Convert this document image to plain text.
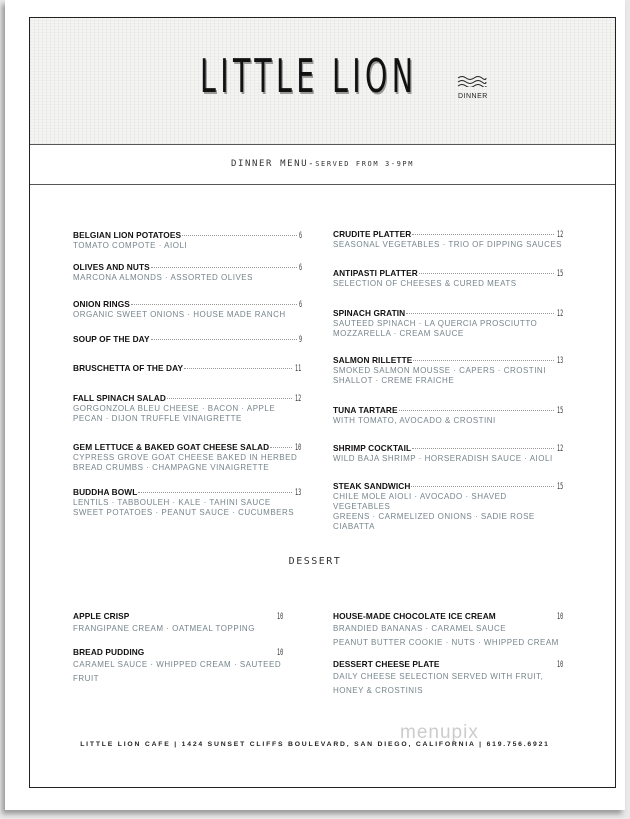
LITTLE LION	DINNER
DINNER MENU-SERVED FROM 3-9PM
BELGIAN LION POTATOES	6
TOMATO COMPOTE · AIOLI
OLIVES AND NUTS	6
MARCONA ALMONDS · ASSORTED OLIVES
ONION RINGS	6
ORGANIC SWEET ONIONS · HOUSE MADE RANCH
SOUP OF THE DAY	9
BRUSCHETTA OF THE DAY	11
FALL SPINACH SALAD	12
GORGONZOLA BLEU CHEESE · BACON · APPLE
PECAN · DIJON TRUFFLE VINAIGRETTE
GEM LETTUCE & BAKED GOAT CHEESE SALAD	10
CYPRESS GROVE GOAT CHEESE BAKED IN HERBED
BREAD CRUMBS · CHAMPAGNE VINAIGRETTE
BUDDHA BOWL	13
LENTILS · TABBOULEH · KALE · TAHINI SAUCE
SWEET POTATOES · PEANUT SAUCE · CUCUMBERS
CRUDITE PLATTER	12
SEASONAL VEGETABLES · TRIO OF DIPPING SAUCES
ANTIPASTI PLATTER	15
SELECTION OF CHEESES & CURED MEATS
SPINACH GRATIN	12
SAUTEED SPINACH · LA QUERCIA PROSCIUTTO
MOZZARELLA · CREAM SAUCE
SALMON RILLETTE	13
SMOKED SALMON MOUSSE · CAPERS · CROSTINI
SHALLOT · CREME FRAICHE
TUNA TARTARE	15
WITH TOMATO, AVOCADO & CROSTINI
SHRIMP COCKTAIL	12
WILD BAJA SHRIMP · HORSERADISH SAUCE · AIOLI
STEAK SANDWICH	15
CHILE MOLE AIOLI · AVOCADO · SHAVED VEGETABLES
GREENS · CARMELIZED ONIONS · SADIE ROSE CIABATTA
APPLE CRISP	10
FRANGIPANE CREAM · OATMEAL TOPPING
BREAD PUDDING	10
CARAMEL SAUCE · WHIPPED CREAM · SAUTEED
FRUIT
HOUSE-MADE CHOCOLATE ICE CREAM	10
BRANDIED BANANAS · CARAMEL SAUCE
PEANUT BUTTER COOKIE · NUTS · WHIPPED CREAM
DESSERT CHEESE PLATE	10
DAILY CHEESE SELECTION SERVED WITH FRUIT,
HONEY & CROSTINIS
DESSERT
menupix
LITTLE LION CAFE | 1424 SUNSET CLIFFS BOULEVARD, SAN DIEGO, CALIFORNIA | 619.756.6921
